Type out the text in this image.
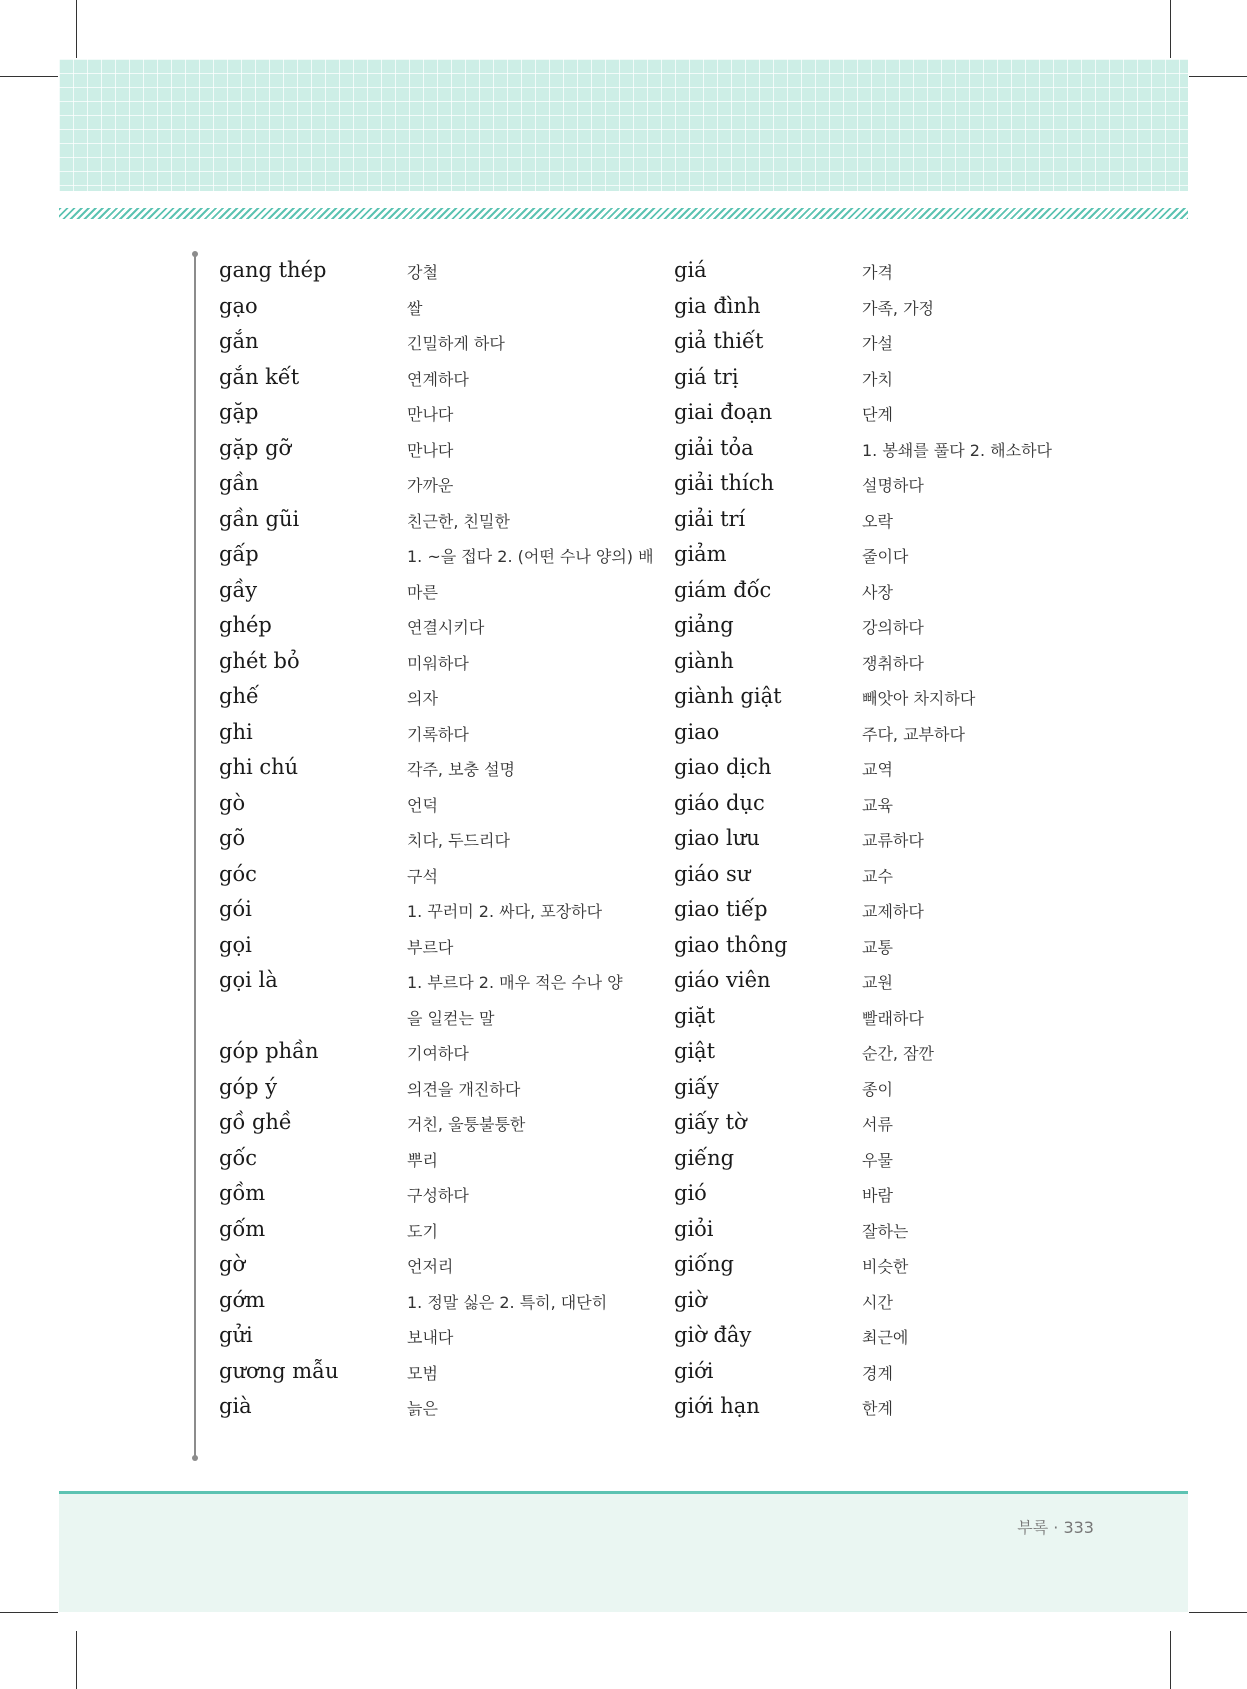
gang thép	강철
gạo	쌀
gắn	긴밀하게 하다
gắn kết	연계하다
gặp	만나다
gặp gỡ	만나다
gần	가까운
gần gũi	친근한, 친밀한
gấp	1. ~을 접다 2. (어떤 수나 양의) 배
gầy	마른
ghép	연결시키다
ghét bỏ	미워하다
ghế	의자
ghi	기록하다
ghi chú	각주, 보충 설명
gò	언덕
gõ	치다, 두드리다
góc	구석
gói	1. 꾸러미 2. 싸다, 포장하다
gọi	부르다
gọi là	1. 부르다 2. 매우 적은 수나 양
을 일컫는 말
góp phần	기여하다
góp ý	의견을 개진하다
gồ ghề	거친, 울퉁불퉁한
gốc	뿌리
gồm	구성하다
gốm	도기
gờ	언저리
gớm	1. 정말 싫은 2. 특히, 대단히
gửi	보내다
gương mẫu	모범
già	늙은
giá	가격
gia đình	가족, 가정
giả thiết	가설
giá trị	가치
giai đoạn	단계
giải tỏa	1. 봉쇄를 풀다 2. 해소하다
giải thích	설명하다
giải trí	오락
giảm	줄이다
giám đốc	사장
giảng	강의하다
giành	쟁취하다
giành giật	빼앗아 차지하다
giao	주다, 교부하다
giao dịch	교역
giáo dục	교육
giao lưu	교류하다
giáo sư	교수
giao tiếp	교제하다
giao thông	교통
giáo viên	교원
giặt	빨래하다
giật	순간, 잠깐
giấy	종이
giấy tờ	서류
giếng	우물
gió	바람
giỏi	잘하는
giống	비슷한
giờ	시간
giờ đây	최근에
giới	경계
giới hạn	한계
부록 · 333
